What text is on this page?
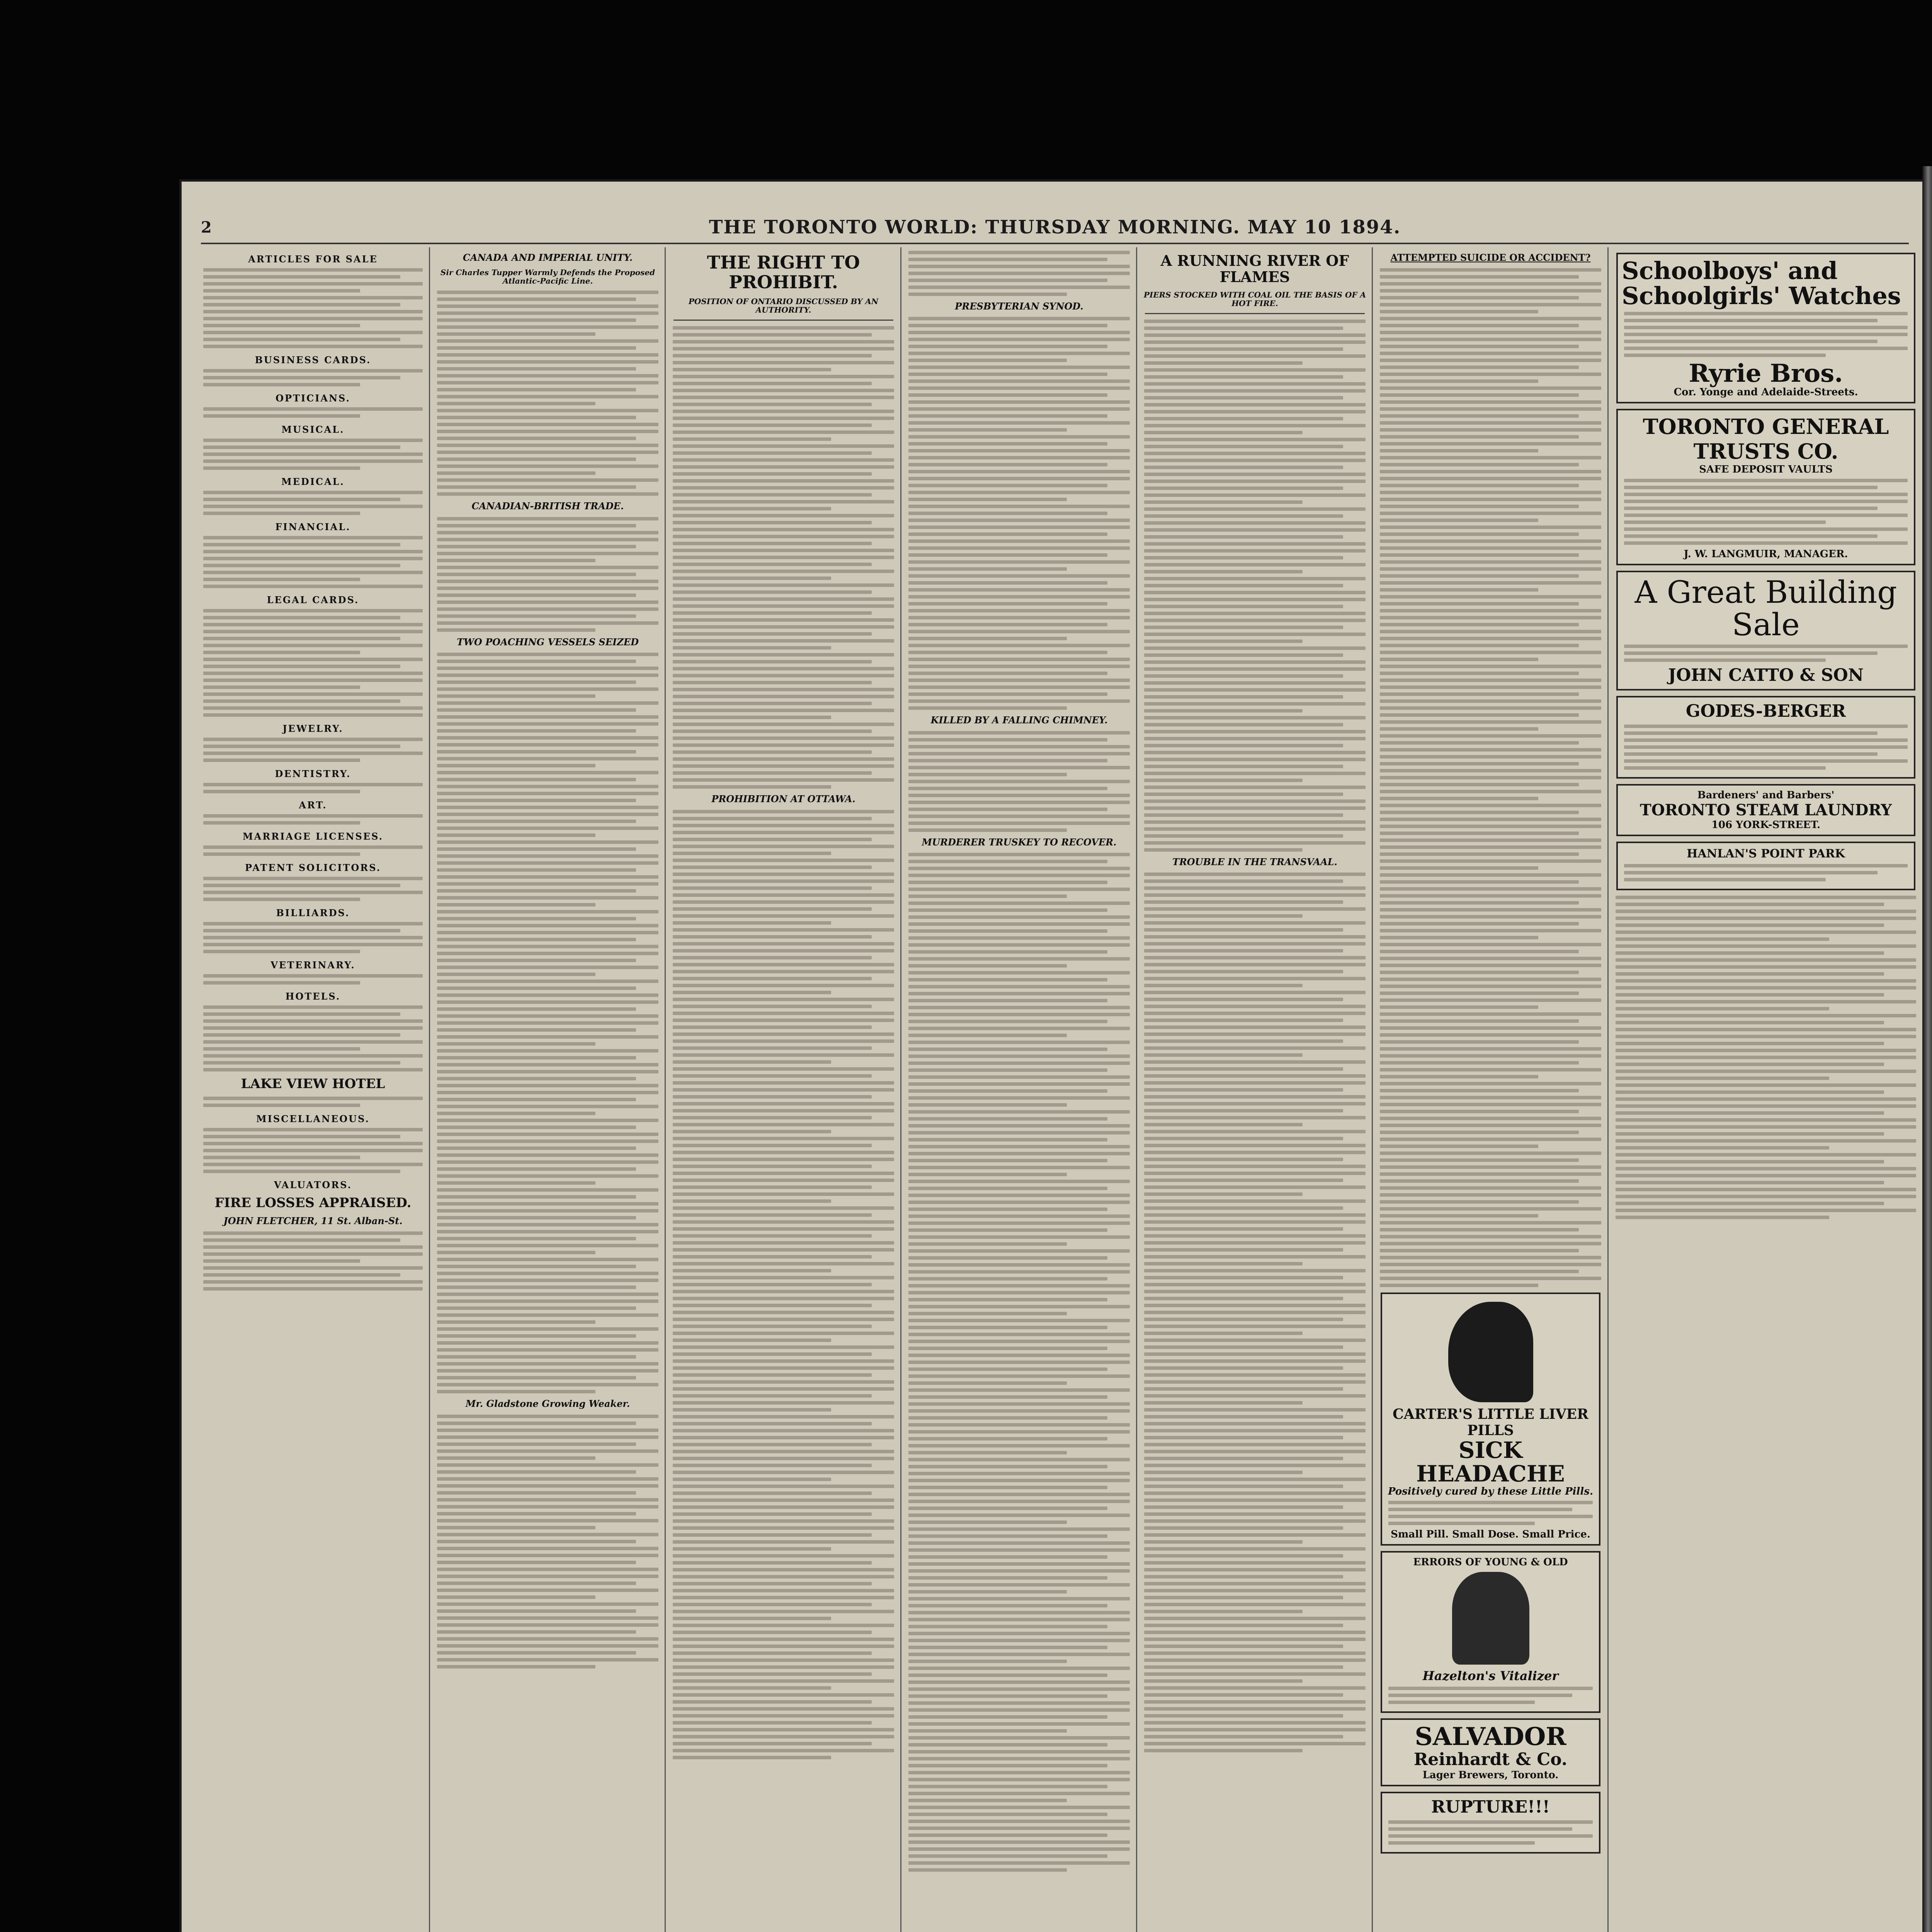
2	THE TORONTO WORLD: THURSDAY MORNING. MAY 10 1894.
ARTICLES FOR SALE
BUSINESS CARDS.
OPTICIANS.
MUSICAL.
MEDICAL.
FINANCIAL.
LEGAL CARDS.
JEWELRY.
DENTISTRY.
ART.
MARRIAGE LICENSES.
PATENT SOLICITORS.
BILLIARDS.
VETERINARY.
HOTELS.
LAKE VIEW HOTEL
MISCELLANEOUS.
VALUATORS.
FIRE LOSSES APPRAISED.
JOHN FLETCHER, 11 St. Alban-St.
CANADA AND IMPERIAL UNITY.
Sir Charles Tupper Warmly Defends the Proposed Atlantic-Pacific Line.
CANADIAN-BRITISH TRADE.
TWO POACHING VESSELS SEIZED
Mr. Gladstone Growing Weaker.
THE RIGHT TO PROHIBIT.
POSITION OF ONTARIO DISCUSSED BY AN AUTHORITY.
PROHIBITION AT OTTAWA.
PRESBYTERIAN SYNOD.
KILLED BY A FALLING CHIMNEY.
MURDERER TRUSKEY TO RECOVER.
A RUNNING RIVER OF FLAMES
PIERS STOCKED WITH COAL OIL THE BASIS OF A HOT FIRE.
TROUBLE IN THE TRANSVAAL.
ATTEMPTED SUICIDE OR ACCIDENT?
CARTER'S LITTLE LIVER PILLS
SICK HEADACHE
Positively cured by these Little Pills.
Small Pill. Small Dose. Small Price.
ERRORS OF YOUNG & OLD
Hazelton's Vitalizer
SALVADOR
Reinhardt & Co.
Lager Brewers, Toronto.
RUPTURE!!!
Schoolboys' and Schoolgirls' Watches
Ryrie Bros.
Cor. Yonge and Adelaide-Streets.
TORONTO GENERAL TRUSTS CO.
SAFE DEPOSIT VAULTS
J. W. LANGMUIR, MANAGER.
A Great Building Sale
JOHN CATTO & SON
GODES-BERGER
Bardeners' and Barbers'
TORONTO STEAM LAUNDRY
106 YORK-STREET.
HANLAN'S POINT PARK
